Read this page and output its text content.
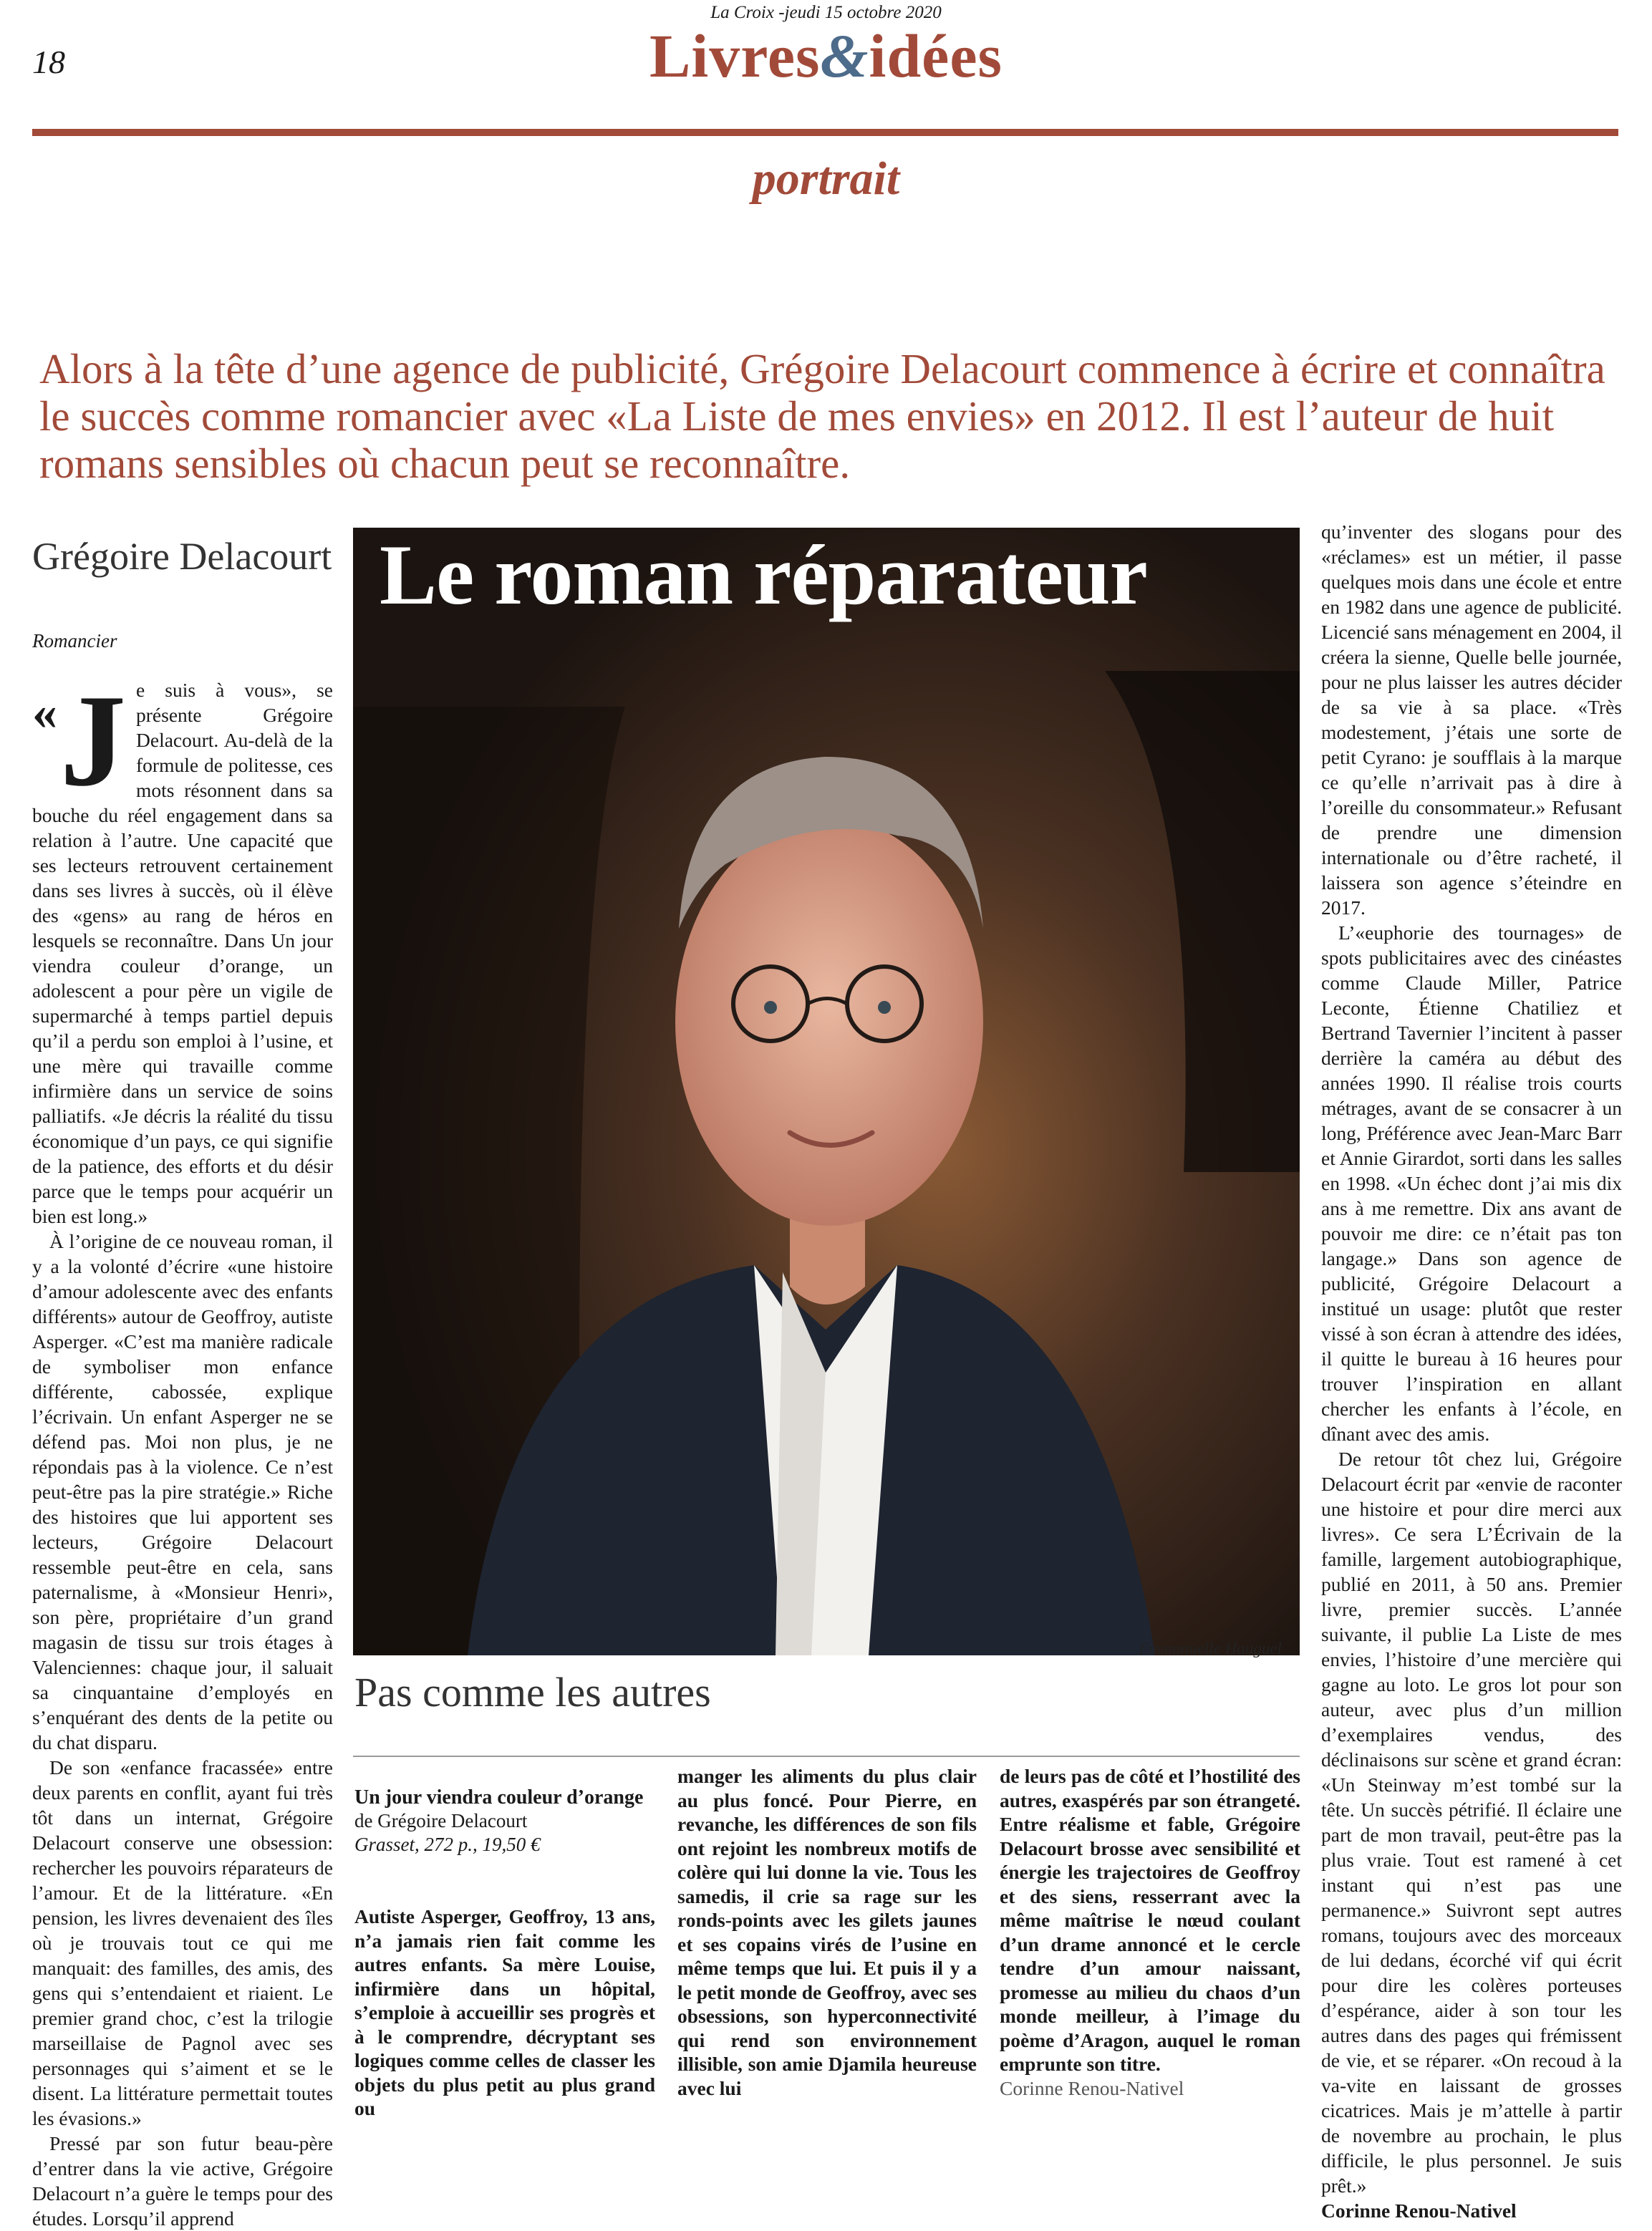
18
La Croix -jeudi 15 octobre 2020
Livres&idées
portrait
Alors à la tête d’une agence de publicité, Grégoire Delacourt commence à écrire et connaîtra le succès comme romancier avec «La Liste de mes envies» en 2012. Il est l’auteur de huit romans sensibles où chacun peut se reconnaître.
Grégoire Delacourt
Romancier
« J e suis à vous», se présente Grégoire Delacourt. Au-delà de la formule de politesse, ces mots résonnent dans sa bouche du réel engagement dans sa relation à l’autre. Une capacité que ses lecteurs retrouvent certainement dans ses livres à succès, où il élève des «gens» au rang de héros en lesquels se reconnaître. Dans Un jour viendra couleur d’orange, un adolescent a pour père un vigile de supermarché à temps partiel depuis qu’il a perdu son emploi à l’usine, et une mère qui travaille comme infirmière dans un service de soins palliatifs. «Je décris la réalité du tissu économique d’un pays, ce qui signifie de la patience, des efforts et du désir parce que le temps pour acquérir un bien est long.»

À l’origine de ce nouveau roman, il y a la volonté d’écrire «une histoire d’amour adolescente avec des enfants différents» autour de Geoffroy, autiste Asperger. «C’est ma manière radicale de symboliser mon enfance différente, cabossée, explique l’écrivain. Un enfant Asperger ne se défend pas. Moi non plus, je ne répondais pas à la violence. Ce n’est peut-être pas la pire stratégie.» Riche des histoires que lui apportent ses lecteurs, Grégoire Delacourt ressemble peut-être en cela, sans paternalisme, à «Monsieur Henri», son père, propriétaire d’un grand magasin de tissu sur trois étages à Valenciennes: chaque jour, il saluait sa cinquantaine d’employés en s’enquérant des dents de la petite ou du chat disparu.

De son «enfance fracassée» entre deux parents en conflit, ayant fui très tôt dans un internat, Grégoire Delacourt conserve une obsession: rechercher les pouvoirs réparateurs de l’amour. Et de la littérature. «En pension, les livres devenaient des îles où je trouvais tout ce qui me manquait: des familles, des amis, des gens qui s’entendaient et riaient. Le premier grand choc, c’est la trilogie marseillaise de Pagnol avec ses personnages qui s’aiment et se le disent. La littérature permettait toutes les évasions.»

Pressé par son futur beau-père d’entrer dans la vie active, Grégoire Delacourt n’a guère le temps pour des études. Lorsqu’il apprend

Le roman réparateur
Emmanuelle Hauguel
Pas comme les autres
Un jour viendra couleur d’orange
de Grégoire Delacourt
Grasset, 272 p., 19,50 €

Autiste Asperger, Geoffroy, 13 ans, n’a jamais rien fait comme les autres enfants. Sa mère Louise, infirmière dans un hôpital, s’emploie à accueillir ses progrès et à le comprendre, décryptant ses logiques comme celles de classer les objets du plus petit au plus grand ou

manger les aliments du plus clair au plus foncé. Pour Pierre, en revanche, les différences de son fils ont rejoint les nombreux motifs de colère qui lui donne la vie. Tous les samedis, il crie sa rage sur les ronds-points avec les gilets jaunes et ses copains virés de l’usine en même temps que lui. Et puis il y a le petit monde de Geoffroy, avec ses obsessions, son hyperconnectivité qui rend son environnement illisible, son amie Djamila heureuse avec lui

de leurs pas de côté et l’hostilité des autres, exaspérés par son étrangeté. Entre réalisme et fable, Grégoire Delacourt brosse avec sensibilité et énergie les trajectoires de Geoffroy et des siens, resserrant avec la même maîtrise le nœud coulant d’un drame annoncé et le cercle tendre d’un amour naissant, promesse au milieu du chaos d’un monde meilleur, à l’image du poème d’Aragon, auquel le roman emprunte son titre.

Corinne Renou-Nativel

qu’inventer des slogans pour des «réclames» est un métier, il passe quelques mois dans une école et entre en 1982 dans une agence de publicité. Licencié sans ménagement en 2004, il créera la sienne, Quelle belle journée, pour ne plus laisser les autres décider de sa vie à sa place. «Très modestement, j’étais une sorte de petit Cyrano: je soufflais à la marque ce qu’elle n’arrivait pas à dire à l’oreille du consommateur.» Refusant de prendre une dimension internationale ou d’être racheté, il laissera son agence s’éteindre en 2017.

L’«euphorie des tournages» de spots publicitaires avec des cinéastes comme Claude Miller, Patrice Leconte, Étienne Chatiliez et Bertrand Tavernier l’incitent à passer derrière la caméra au début des années 1990. Il réalise trois courts métrages, avant de se consacrer à un long, Préférence avec Jean-Marc Barr et Annie Girardot, sorti dans les salles en 1998. «Un échec dont j’ai mis dix ans à me remettre. Dix ans avant de pouvoir me dire: ce n’était pas ton langage.» Dans son agence de publicité, Grégoire Delacourt a institué un usage: plutôt que rester vissé à son écran à attendre des idées, il quitte le bureau à 16 heures pour trouver l’inspiration en allant chercher les enfants à l’école, en dînant avec des amis.

De retour tôt chez lui, Grégoire Delacourt écrit par «envie de raconter une histoire et pour dire merci aux livres». Ce sera L’Écrivain de la famille, largement autobiographique, publié en 2011, à 50 ans. Premier livre, premier succès. L’année suivante, il publie La Liste de mes envies, l’histoire d’une mercière qui gagne au loto. Le gros lot pour son auteur, avec plus d’un million d’exemplaires vendus, des déclinaisons sur scène et grand écran: «Un Steinway m’est tombé sur la tête. Un succès pétrifié. Il éclaire une part de mon travail, peut-être pas la plus vraie. Tout est ramené à cet instant qui n’est pas une permanence.» Suivront sept autres romans, toujours avec des morceaux de lui dedans, écorché vif qui écrit pour dire les colères porteuses d’espérance, aider à son tour les autres dans des pages qui frémissent de vie, et se réparer. «On recoud à la va-vite en laissant de grosses cicatrices. Mais je m’attelle à partir de novembre au prochain, le plus difficile, le plus personnel. Je suis prêt.»

Corinne Renou-Nativel
